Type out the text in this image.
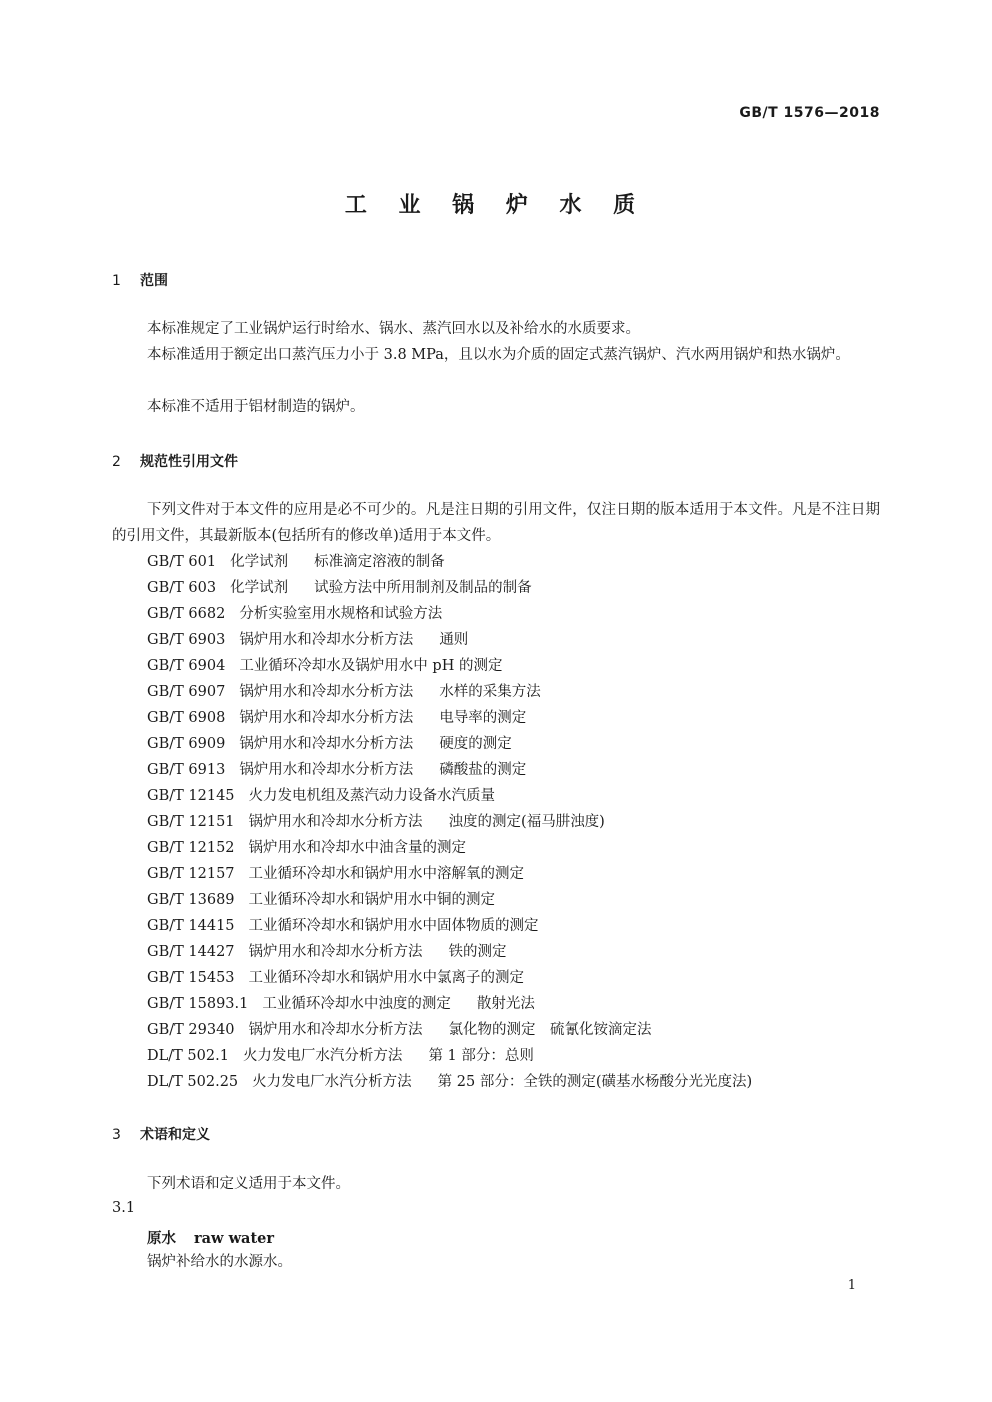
GB/T 1576—2018
工 业 锅 炉 水 质
1 范围
本标准规定了工业锅炉运行时给水、锅水、蒸汽回水以及补给水的水质要求。
本标准适用于额定出口蒸汽压力小于 3.8 MPa，且以水为介质的固定式蒸汽锅炉、汽水两用锅炉和热水锅炉。
本标准不适用于铝材制造的锅炉。
2 规范性引用文件
下列文件对于本文件的应用是必不可少的。凡是注日期的引用文件，仅注日期的版本适用于本文件。凡是不注日期的引用文件，其最新版本(包括所有的修改单)适用于本文件。
GB/T 601 化学试剂 标准滴定溶液的制备
GB/T 603 化学试剂 试验方法中所用制剂及制品的制备
GB/T 6682 分析实验室用水规格和试验方法
GB/T 6903 锅炉用水和冷却水分析方法 通则
GB/T 6904 工业循环冷却水及锅炉用水中 pH 的测定
GB/T 6907 锅炉用水和冷却水分析方法 水样的采集方法
GB/T 6908 锅炉用水和冷却水分析方法 电导率的测定
GB/T 6909 锅炉用水和冷却水分析方法 硬度的测定
GB/T 6913 锅炉用水和冷却水分析方法 磷酸盐的测定
GB/T 12145 火力发电机组及蒸汽动力设备水汽质量
GB/T 12151 锅炉用水和冷却水分析方法 浊度的测定(福马肼浊度)
GB/T 12152 锅炉用水和冷却水中油含量的测定
GB/T 12157 工业循环冷却水和锅炉用水中溶解氧的测定
GB/T 13689 工业循环冷却水和锅炉用水中铜的测定
GB/T 14415 工业循环冷却水和锅炉用水中固体物质的测定
GB/T 14427 锅炉用水和冷却水分析方法 铁的测定
GB/T 15453 工业循环冷却水和锅炉用水中氯离子的测定
GB/T 15893.1 工业循环冷却水中浊度的测定 散射光法
GB/T 29340 锅炉用水和冷却水分析方法 氯化物的测定　硫氰化铵滴定法
DL/T 502.1 火力发电厂水汽分析方法 第 1 部分：总则
DL/T 502.25 火力发电厂水汽分析方法 第 25 部分：全铁的测定(磺基水杨酸分光光度法)
3 术语和定义
下列术语和定义适用于本文件。
3.1
原水 raw water
锅炉补给水的水源水。
1
